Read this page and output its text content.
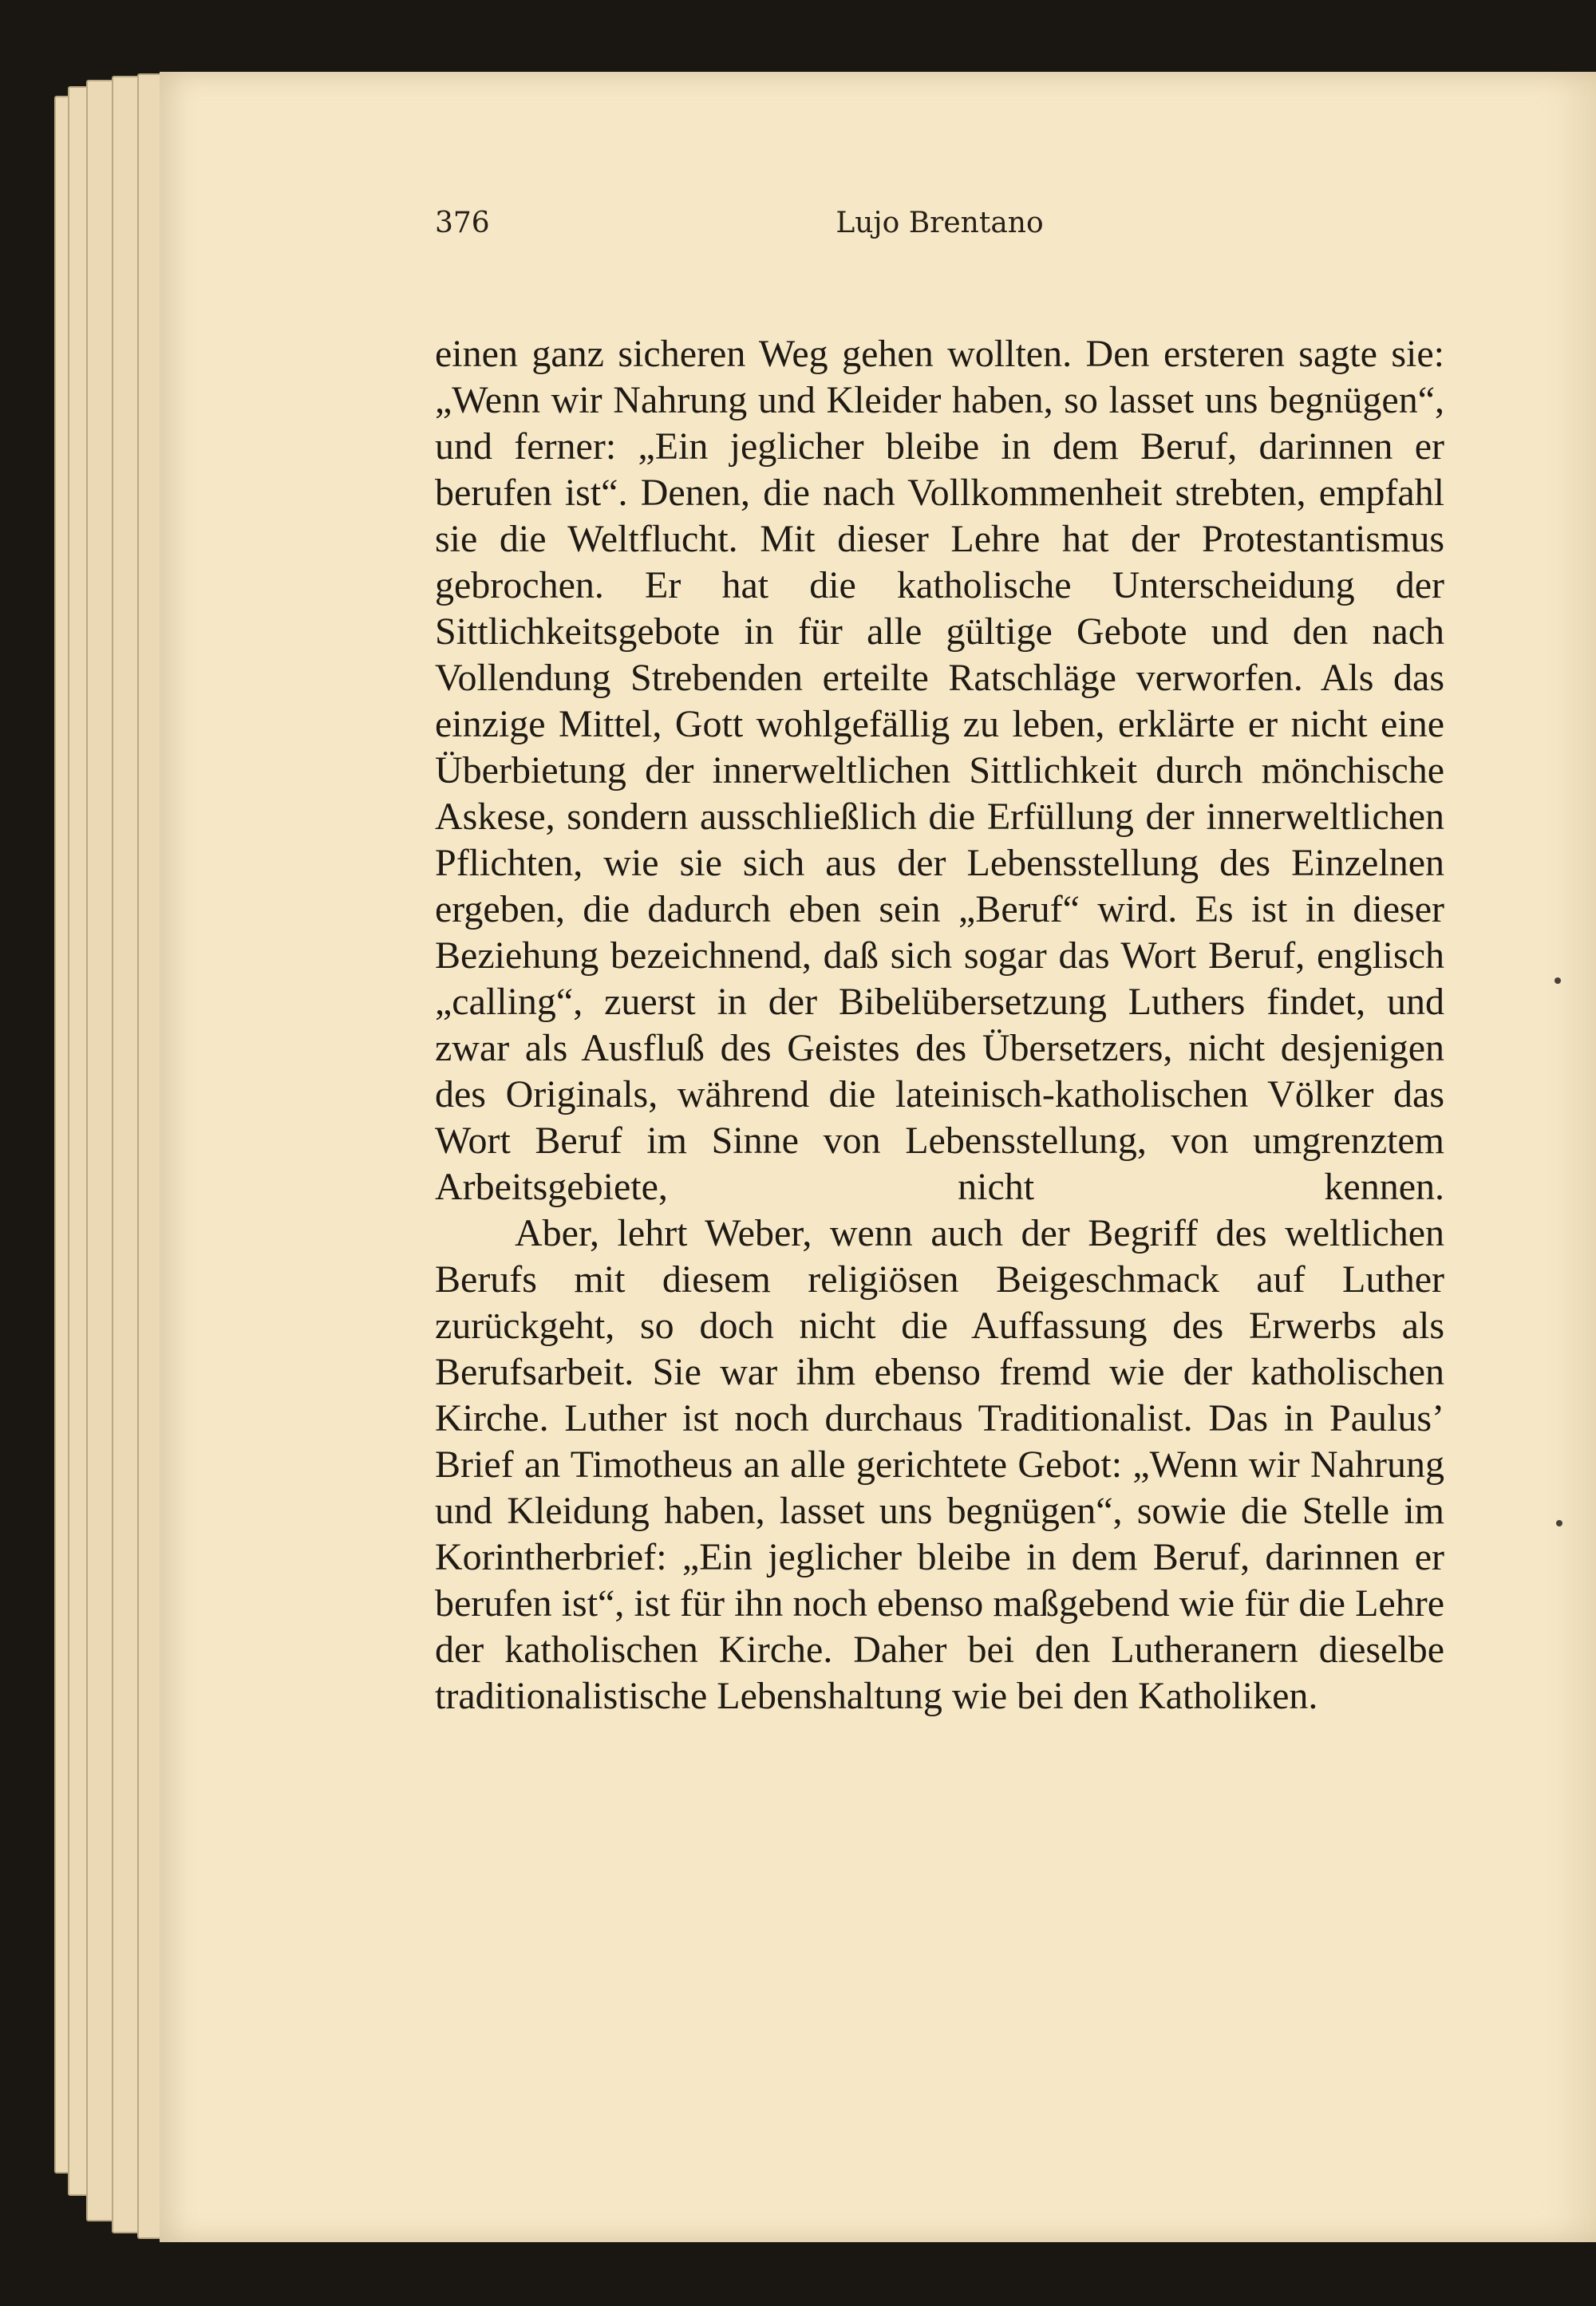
376	Lujo Brentano

einen ganz sicheren Weg gehen wollten. Den ersteren sagte sie: „Wenn wir Nahrung und Kleider haben, so lasset uns begnügen“, und ferner: „Ein jeglicher bleibe in dem Beruf, darinnen er berufen ist“. Denen, die nach Vollkommenheit strebten, empfahl sie die Weltflucht. Mit dieser Lehre hat der Protestantismus gebrochen. Er hat die katholische Unterscheidung der Sittlichkeitsgebote in für alle gültige Gebote und den nach Vollendung Strebenden erteilte Ratschläge verworfen. Als das einzige Mittel, Gott wohlgefällig zu leben, erklärte er nicht eine Überbietung der innerweltlichen Sittlichkeit durch mönchische Askese, sondern ausschließlich die Erfüllung der innerweltlichen Pflichten, wie sie sich aus der Lebensstellung des Einzelnen ergeben, die dadurch eben sein „Beruf“ wird. Es ist in dieser Beziehung bezeichnend, daß sich sogar das Wort Beruf, englisch „calling“, zuerst in der Bibelübersetzung Luthers findet, und zwar als Ausfluß des Geistes des Übersetzers, nicht desjenigen des Originals, während die lateinisch-katholischen Völker das Wort Beruf im Sinne von Lebensstellung, von umgrenztem Arbeitsgebiete, nicht kennen.

Aber, lehrt Weber, wenn auch der Begriff des weltlichen Berufs mit diesem religiösen Beigeschmack auf Luther zurückgeht, so doch nicht die Auffassung des Erwerbs als Berufsarbeit. Sie war ihm ebenso fremd wie der katholischen Kirche. Luther ist noch durchaus Traditionalist. Das in Paulus’ Brief an Timotheus an alle gerichtete Gebot: „Wenn wir Nahrung und Kleidung haben, lasset uns begnügen“, sowie die Stelle im Korintherbrief: „Ein jeglicher bleibe in dem Beruf, darinnen er berufen ist“, ist für ihn noch ebenso maßgebend wie für die Lehre der katholischen Kirche. Daher bei den Lutheranern dieselbe traditionalistische Lebenshaltung wie bei den Katholiken.
